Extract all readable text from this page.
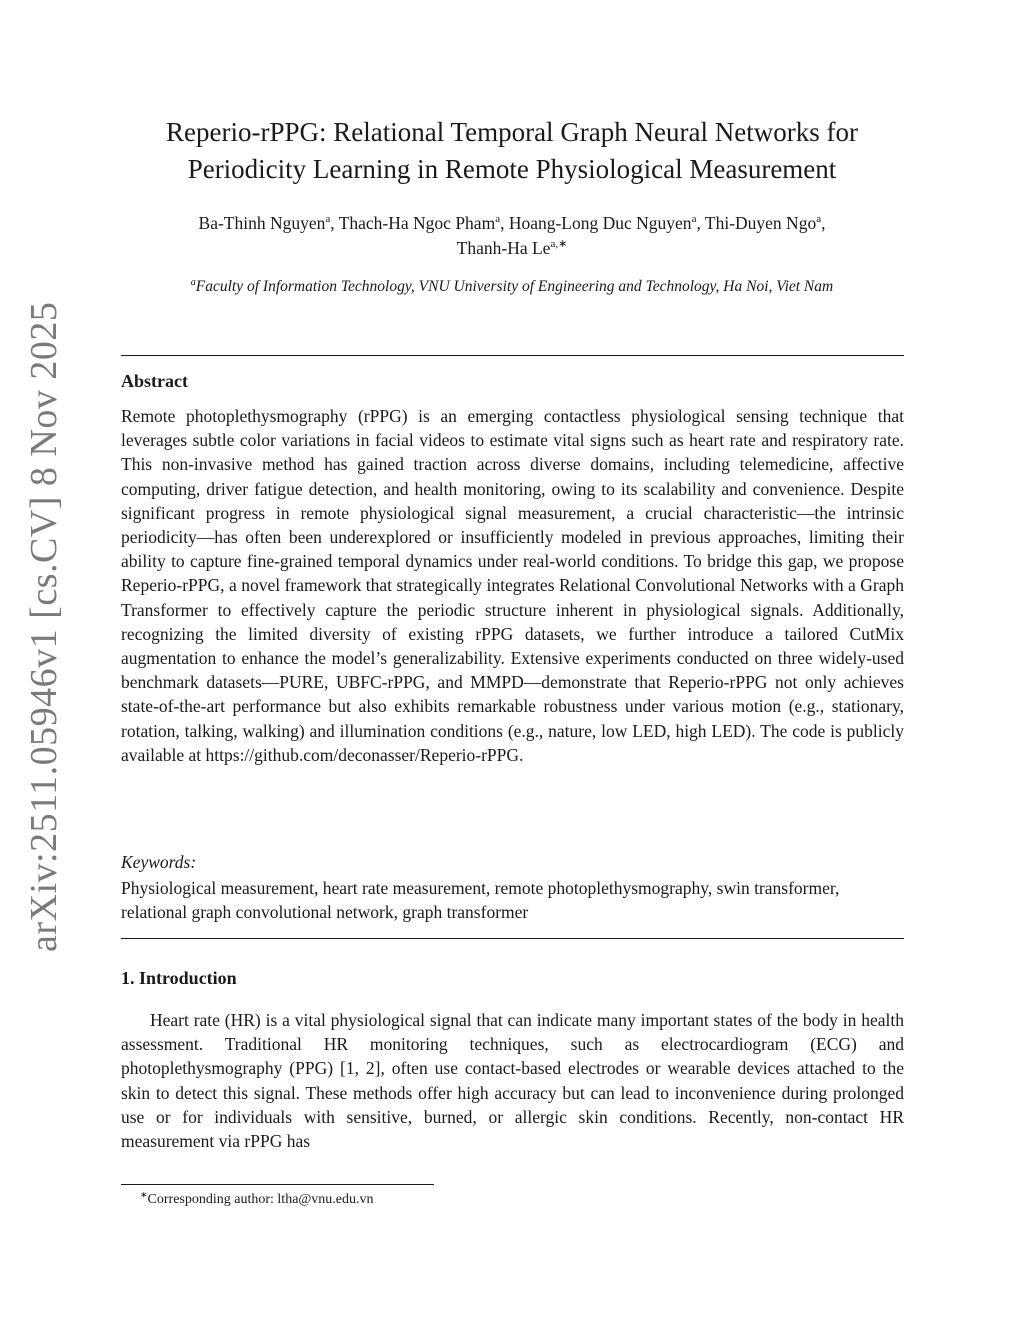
arXiv:2511.05946v1 [cs.CV] 8 Nov 2025
Reperio-rPPG: Relational Temporal Graph Neural Networks for
Periodicity Learning in Remote Physiological Measurement
Ba-Thinh Nguyen$^a$, Thach-Ha Ngoc Pham$^a$, Hoang-Long Duc Nguyen$^a$, Thi-Duyen Ngo$^a$,
Thanh-Ha $Le^{a,∗}$
$^a$Faculty of Information Technology, VNU University of Engineering and Technology, Ha Noi, Viet Nam
Abstract

Remote photoplethysmography (rPPG) is an emerging contactless physiological sensing technique that leverages subtle color variations in facial videos to estimate vital signs such as heart rate and respiratory rate. This non-invasive method has gained traction across diverse domains, including telemedicine, affective computing, driver fatigue detection, and health monitoring, owing to its scalability and convenience. Despite significant progress in remote physiological signal measurement, a crucial characteristic—the intrinsic periodicity—has often been underexplored or insufficiently modeled in previous approaches, limiting their ability to capture fine-grained temporal dynamics under real-world conditions. To bridge this gap, we propose Reperio-rPPG, a novel framework that strategically integrates Relational Convolutional Networks with a Graph Transformer to effectively capture the periodic structure inherent in physiological signals. Additionally, recognizing the limited diversity of existing rPPG datasets, we further introduce a tailored CutMix augmentation to enhance the model’s generalizability. Extensive experiments conducted on three widely-used benchmark datasets—PURE, UBFC-rPPG, and MMPD—demonstrate that Reperio-rPPG not only achieves state-of-the-art performance but also exhibits remarkable robustness under various motion (e.g., stationary, rotation, talking, walking) and illumination conditions (e.g., nature, low LED, high LED). The code is publicly available at https://github.com/deconasser/Reperio-rPPG.

Keywords:

Physiological measurement, heart rate measurement, remote photoplethysmography, swin transformer, relational graph convolutional network, graph transformer

1. Introduction

Heart rate (HR) is a vital physiological signal that can indicate many important states of the body in health assessment. Traditional HR monitoring techniques, such as electrocardiogram (ECG) and photoplethysmography (PPG) [1, 2], often use contact-based electrodes or wearable devices attached to the skin to detect this signal. These methods offer high accuracy but can lead to inconvenience during prolonged use or for individuals with sensitive, burned, or allergic skin conditions. Recently, non-contact HR measurement via rPPG has

∗Corresponding author: ltha@vnu.edu.vn
